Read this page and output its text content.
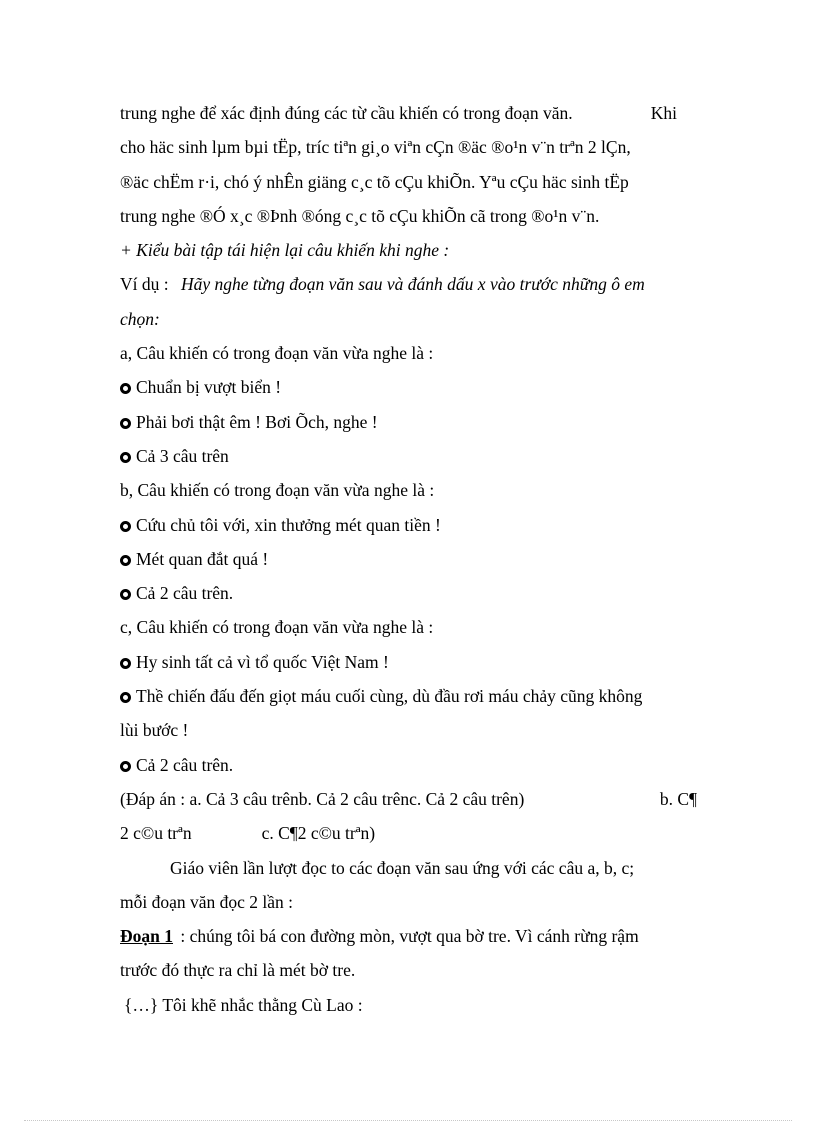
trung nghe để xác định đúng các từ cầu khiến có trong đoạn văn.	Khi
cho häc sinh lµm bµi tËp, tríc tiªn gi¸o viªn cÇn ®äc ®o¹n v¨n trªn 2 lÇn,
®äc chËm r·i, chó ý nhÊn giäng c¸c tõ cÇu khiÕn. Yªu cÇu häc sinh tËp
trung nghe ®Ó x¸c ®Þnh ®óng c¸c tõ cÇu khiÕn cã trong ®o¹n v¨n.
+ Kiểu bài tập tái hiện lại câu khiến khi nghe :
Ví dụ : Hãy nghe từng đoạn văn sau và đánh dấu x vào trước những ô em
chọn:
a, Câu khiến có trong đoạn văn vừa nghe là :
Chuẩn bị vượt biển !
Phải bơi thật êm ! Bơi Õch, nghe !
Cả 3 câu trên
b, Câu khiến có trong đoạn văn vừa nghe là :
Cứu chủ tôi với, xin thưởng mét quan tiền !
Mét quan đắt quá !
Cả 2 câu trên.
c, Câu khiến có trong đoạn văn vừa nghe là :
Hy sinh tất cả vì tổ quốc Việt Nam !
Thề chiến đấu đến giọt máu cuối cùng, dù đầu rơi máu chảy cũng không
lùi bước !
Cả 2 câu trên.
(Đáp án : a. Cả 3 câu trênb. Cả 2 câu trênc. Cả 2 câu trên)	b. C¶
2 c©u trªn	c. C¶2 c©u trªn)
Giáo viên lần lượt đọc to các đoạn văn sau ứng với các câu a, b, c;
mỗi đoạn văn đọc 2 lần :
Đoạn 1 : chúng tôi bá con đường mòn, vượt qua bờ tre. Vì cánh rừng rậm
trước đó thực ra chỉ là mét bờ tre.
{…} Tôi khẽ nhắc thằng Cù Lao :
